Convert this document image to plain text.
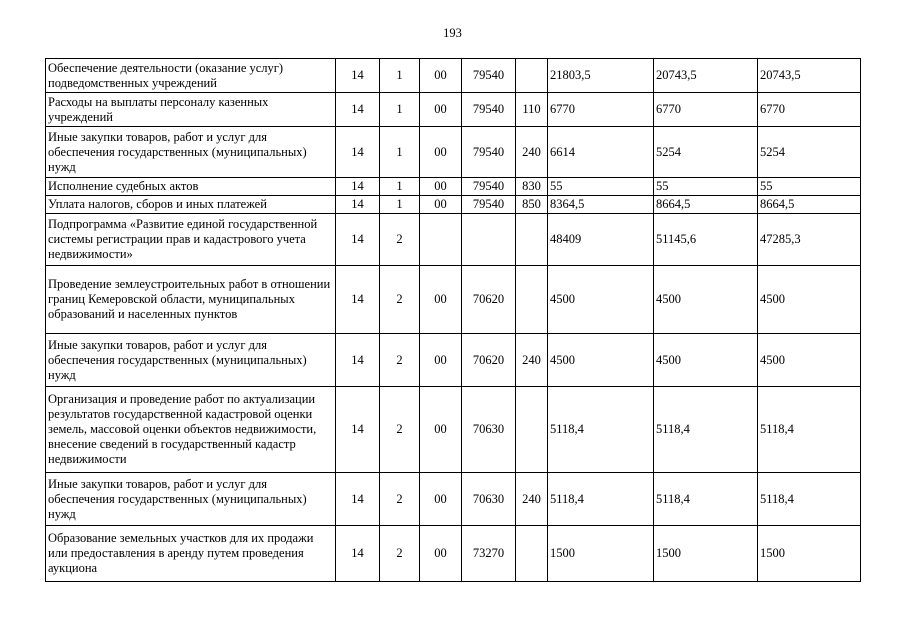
193
Обеспечение деятельности (оказание услуг) подведомственных учреждений	14	1	00	79540		21803,5	20743,5	20743,5
Расходы на выплаты персоналу казенных учреждений	14	1	00	79540	110	6770	6770	6770
Иные закупки товаров, работ и услуг для обеспечения государственных (муниципальных) нужд	14	1	00	79540	240	6614	5254	5254
Исполнение судебных актов	14	1	00	79540	830	55	55	55
Уплата налогов, сборов и иных платежей	14	1	00	79540	850	8364,5	8664,5	8664,5
Подпрограмма «Развитие единой государственной системы регистрации прав и кадастрового учета недвижимости»	14	2				48409	51145,6	47285,3
Проведение землеустроительных работ в отношении границ Кемеровской области, муниципальных образований и населенных пунктов	14	2	00	70620		4500	4500	4500
Иные закупки товаров, работ и услуг для обеспечения государственных (муниципальных) нужд	14	2	00	70620	240	4500	4500	4500
Организация и проведение работ по актуализации результатов государственной кадастровой оценки земель, массовой оценки объектов недвижимости, внесение сведений в государственный кадастр недвижимости	14	2	00	70630		5118,4	5118,4	5118,4
Иные закупки товаров, работ и услуг для обеспечения государственных (муниципальных) нужд	14	2	00	70630	240	5118,4	5118,4	5118,4
Образование земельных участков для их продажи или предоставления в аренду путем проведения аукциона	14	2	00	73270		1500	1500	1500
